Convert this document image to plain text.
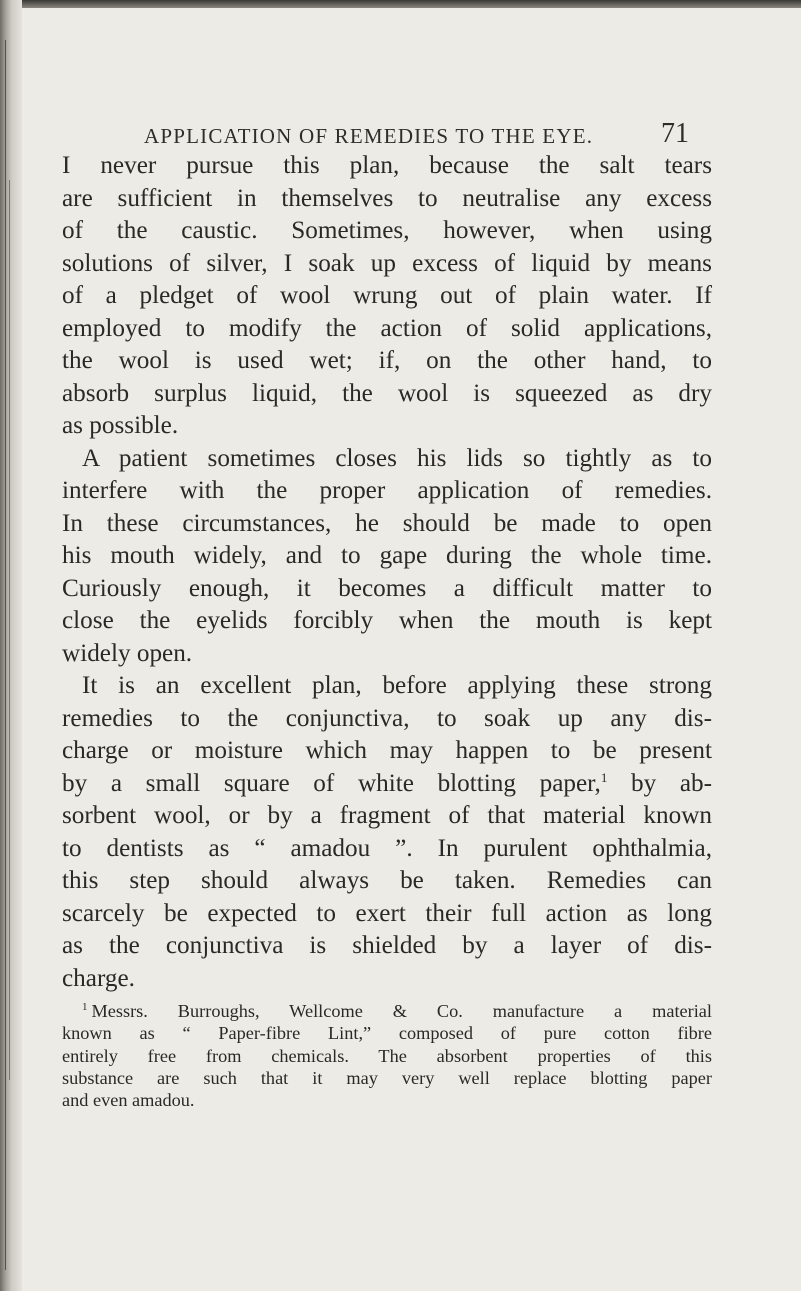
APPLICATION OF REMEDIES TO THE EYE. 71
I never pursue this plan, because the salt tears
are sufficient in themselves to neutralise any excess
of the caustic. Sometimes, however, when using
solutions of silver, I soak up excess of liquid by means
of a pledget of wool wrung out of plain water. If
employed to modify the action of solid applications,
the wool is used wet; if, on the other hand, to
absorb surplus liquid, the wool is squeezed as dry
as possible.
A patient sometimes closes his lids so tightly as to
interfere with the proper application of remedies.
In these circumstances, he should be made to open
his mouth widely, and to gape during the whole time.
Curiously enough, it becomes a difficult matter to
close the eyelids forcibly when the mouth is kept
widely open.
It is an excellent plan, before applying these strong
remedies to the conjunctiva, to soak up any dis-
charge or moisture which may happen to be present
by a small square of white blotting paper,$^1$ by ab-
sorbent wool, or by a fragment of that material known
to dentists as “ amadou ”. In purulent ophthalmia,
this step should always be taken. Remedies can
scarcely be expected to exert their full action as long
as the conjunctiva is shielded by a layer of dis-
charge.
$^1$ Messrs. Burroughs, Wellcome & Co. manufacture a material
known as “ Paper-fibre Lint,” composed of pure cotton fibre
entirely free from chemicals. The absorbent properties of this
substance are such that it may very well replace blotting paper
and even amadou.
